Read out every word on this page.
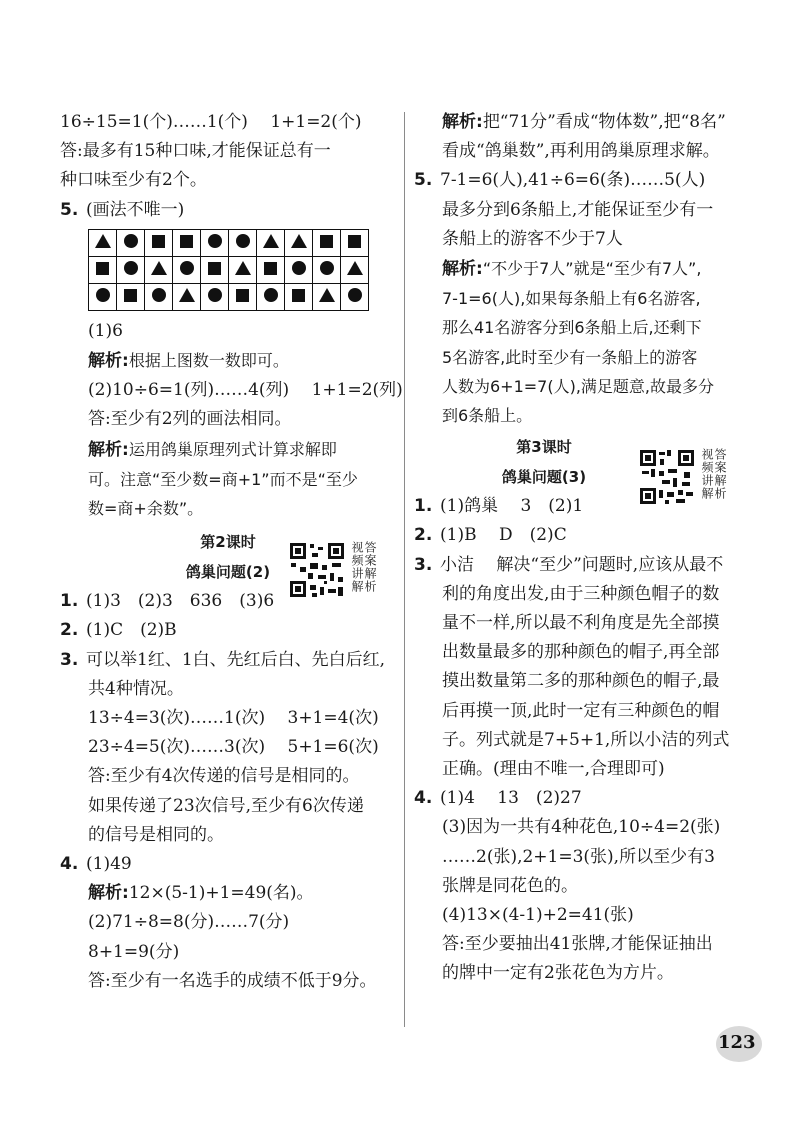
16÷15=1(个)……1(个)  1+1=2(个)
答:最多有15种口味,才能保证总有一
种口味至少有2个。
5. (画法不唯一)

(1)6
解析:根据上图数一数即可。
(2)10÷6=1(列)……4(列)  1+1=2(列)
答:至少有2列的画法相同。
解析:运用鸽巢原理列式计算求解即
可。注意“至少数=商+1”而不是“至少
数=商+余数”。
第2课时
鸽巢问题(2)
1. (1)3 (2)3 636 (3)6
2. (1)C (2)B
3. 可以举1红、1白、先红后白、先白后红,
共4种情况。
13÷4=3(次)……1(次)  3+1=4(次)
23÷4=5(次)……3(次)  5+1=6(次)
答:至少有4次传递的信号是相同的。
如果传递了23次信号,至少有6次传递
的信号是相同的。
4. (1)49
解析:12×(5-1)+1=49(名)。
(2)71÷8=8(分)……7(分)
8+1=9(分)
答:至少有一名选手的成绩不低于9分。
视频讲解 答案解析
解析:把“71分”看成“物体数”,把“8名”
看成“鸽巢数”,再利用鸽巢原理求解。
5. 7-1=6(人),41÷6=6(条)……5(人)
最多分到6条船上,才能保证至少有一
条船上的游客不少于7人
解析:“不少于7人”就是“至少有7人”,
7-1=6(人),如果每条船上有6名游客,
那么41名游客分到6条船上后,还剩下
5名游客,此时至少有一条船上的游客
人数为6+1=7(人),满足题意,故最多分
到6条船上。
第3课时
鸽巢问题(3)
1. (1)鸽巢  3 (2)1
2. (1)B  D (2)C
3. 小洁  解决“至少”问题时,应该从最不
利的角度出发,由于三种颜色帽子的数
量不一样,所以最不利角度是先全部摸
出数量最多的那种颜色的帽子,再全部
摸出数量第二多的那种颜色的帽子,最
后再摸一顶,此时一定有三种颜色的帽
子。列式就是7+5+1,所以小洁的列式
正确。(理由不唯一,合理即可)
4. (1)4  13 (2)27
(3)因为一共有4种花色,10÷4=2(张)
……2(张),2+1=3(张),所以至少有3
张牌是同花色的。
(4)13×(4-1)+2=41(张)
答:至少要抽出41张牌,才能保证抽出
的牌中一定有2张花色为方片。
视频讲解 答案解析
123
